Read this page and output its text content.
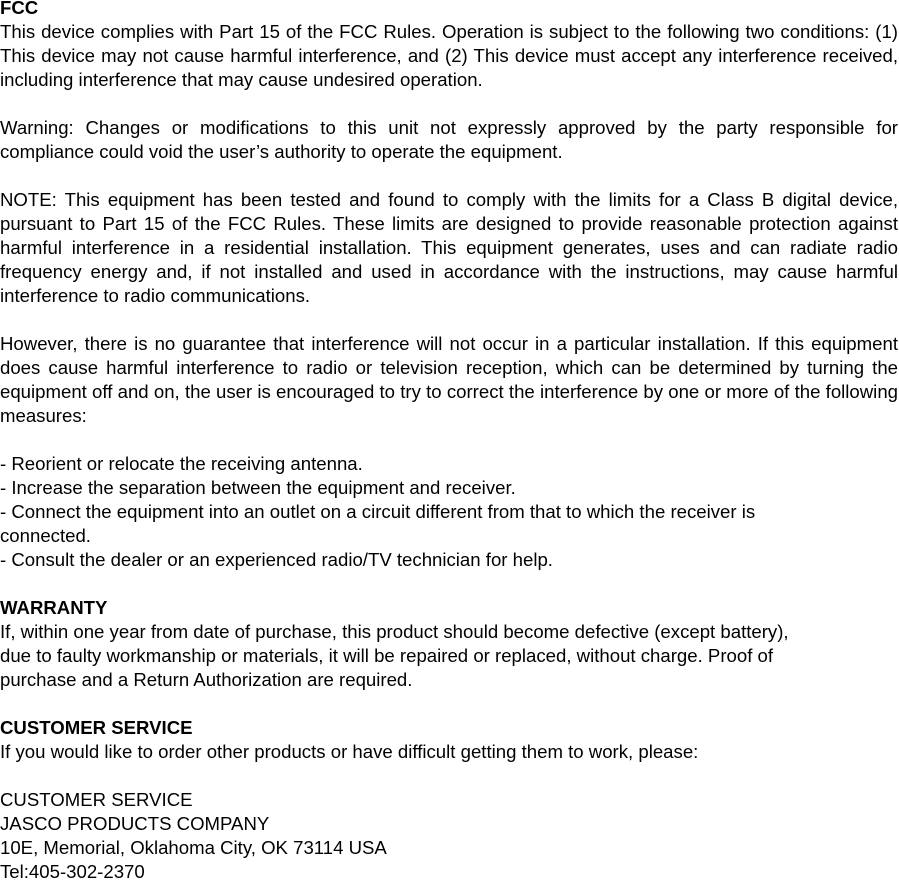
FCC

This device complies with Part 15 of the FCC Rules. Operation is subject to the following two conditions: (1) This device may not cause harmful interference, and (2) This device must accept any interference received, including interference that may cause undesired operation.

Warning: Changes or modifications to this unit not expressly approved by the party responsible for compliance could void the user’s authority to operate the equipment.

NOTE: This equipment has been tested and found to comply with the limits for a Class B digital device, pursuant to Part 15 of the FCC Rules. These limits are designed to provide reasonable protection against harmful interference in a residential installation. This equipment generates, uses and can radiate radio frequency energy and, if not installed and used in accordance with the instructions, may cause harmful interference to radio communications.

However, there is no guarantee that interference will not occur in a particular installation. If this equipment does cause harmful interference to radio or television reception, which can be determined by turning the equipment off and on, the user is encouraged to try to correct the interference by one or more of the following measures:

- Reorient or relocate the receiving antenna.

- Increase the separation between the equipment and receiver.

- Connect the equipment into an outlet on a circuit different from that to which the receiver is

connected.

- Consult the dealer or an experienced radio/TV technician for help.

WARRANTY

If, within one year from date of purchase, this product should become defective (except battery),

due to faulty workmanship or materials, it will be repaired or replaced, without charge. Proof of

purchase and a Return Authorization are required.

CUSTOMER SERVICE

If you would like to order other products or have difficult getting them to work, please:

CUSTOMER SERVICE

JASCO PRODUCTS COMPANY

10E, Memorial, Oklahoma City, OK 73114 USA

Tel:405-302-2370
